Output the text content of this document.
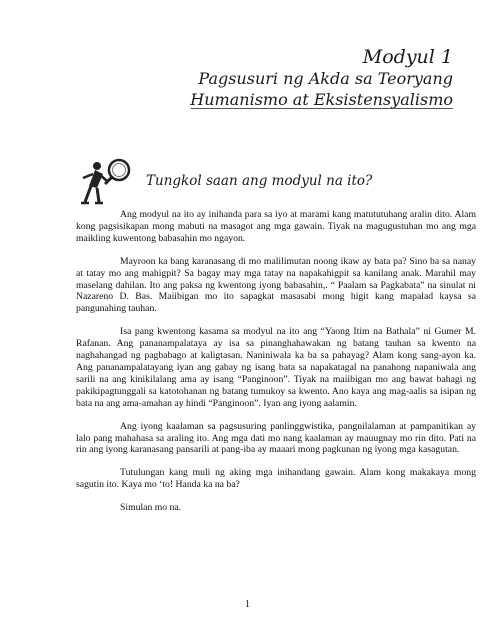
Modyul 1
Pagsusuri ng Akda sa Teoryang
Humanismo at Eksistensyalismo
Tungkol saan ang modyul na ito?

Ang modyul na ito ay inihanda para sa iyo at marami kang matututuhang aralin dito. Alam kong pagsisikapan mong mabuti na masagot ang mga gawain. Tiyak na magugustuhan mo ang mga maikling kuwentong babasahin mo ngayon.

Mayroon ka bang karanasang di mo malilimutan noong ikaw ay bata pa? Sino ba sa nanay at tatay mo ang mahigpit? Sa bagay may mga tatay na napakahigpit sa kanilang anak. Marahil may maselang dahilan. Ito ang paksa ng kwentong iyong babasahin,. “ Paalam sa Pagkabata” na sinulat ni Nazareno D. Bas. Maiibigan mo ito sapagkat masasabi mong higit kang mapalad kaysa sa pangunahing tauhan.

Isa pang kwentong kasama sa modyul na ito ang “Yaong Itim na Bathala” ni Gumer M. Rafanan. Ang pananampalataya ay isa sa pinanghahawakan ng batang tauhan sa kwento na naghahangad ng pagbabago at kaligtasan. Naniniwala ka ba sa pahayag? Alam kong sang-ayon ka. Ang pananampalatayang iyan ang gabay ng isang bata sa napakatagal na panahong napaniwala ang sarili na ang kinikilalang ama ay isang “Panginoon”. Tiyak na maiibigan mo ang bawat bahagi ng pakikipagtunggali sa katotohanan ng batang tumukoy sa kwento. Ano kaya ang mag-aalis sa isipan ng bata na ang ama-amahan ay hindi “Panginoon”. Iyan ang iyong aalamin.

Ang iyong kaalaman sa pagsusuring panlinggwistika, pangnilalaman at pampanitikan ay lalo pang mahahasa sa araling ito. Ang mga dati mo nang kaalaman ay mauugnay mo rin dito. Pati na rin ang iyong karanasang pansarili at pang-iba ay maaari mong pagkunan ng iyong mga kasagutan.

Tutulungan kang muli ng aking mga inihandang gawain. Alam kong makakaya mong sagutin ito. Kaya mo ‘to! Handa ka na ba?

Simulan mo na.

1
